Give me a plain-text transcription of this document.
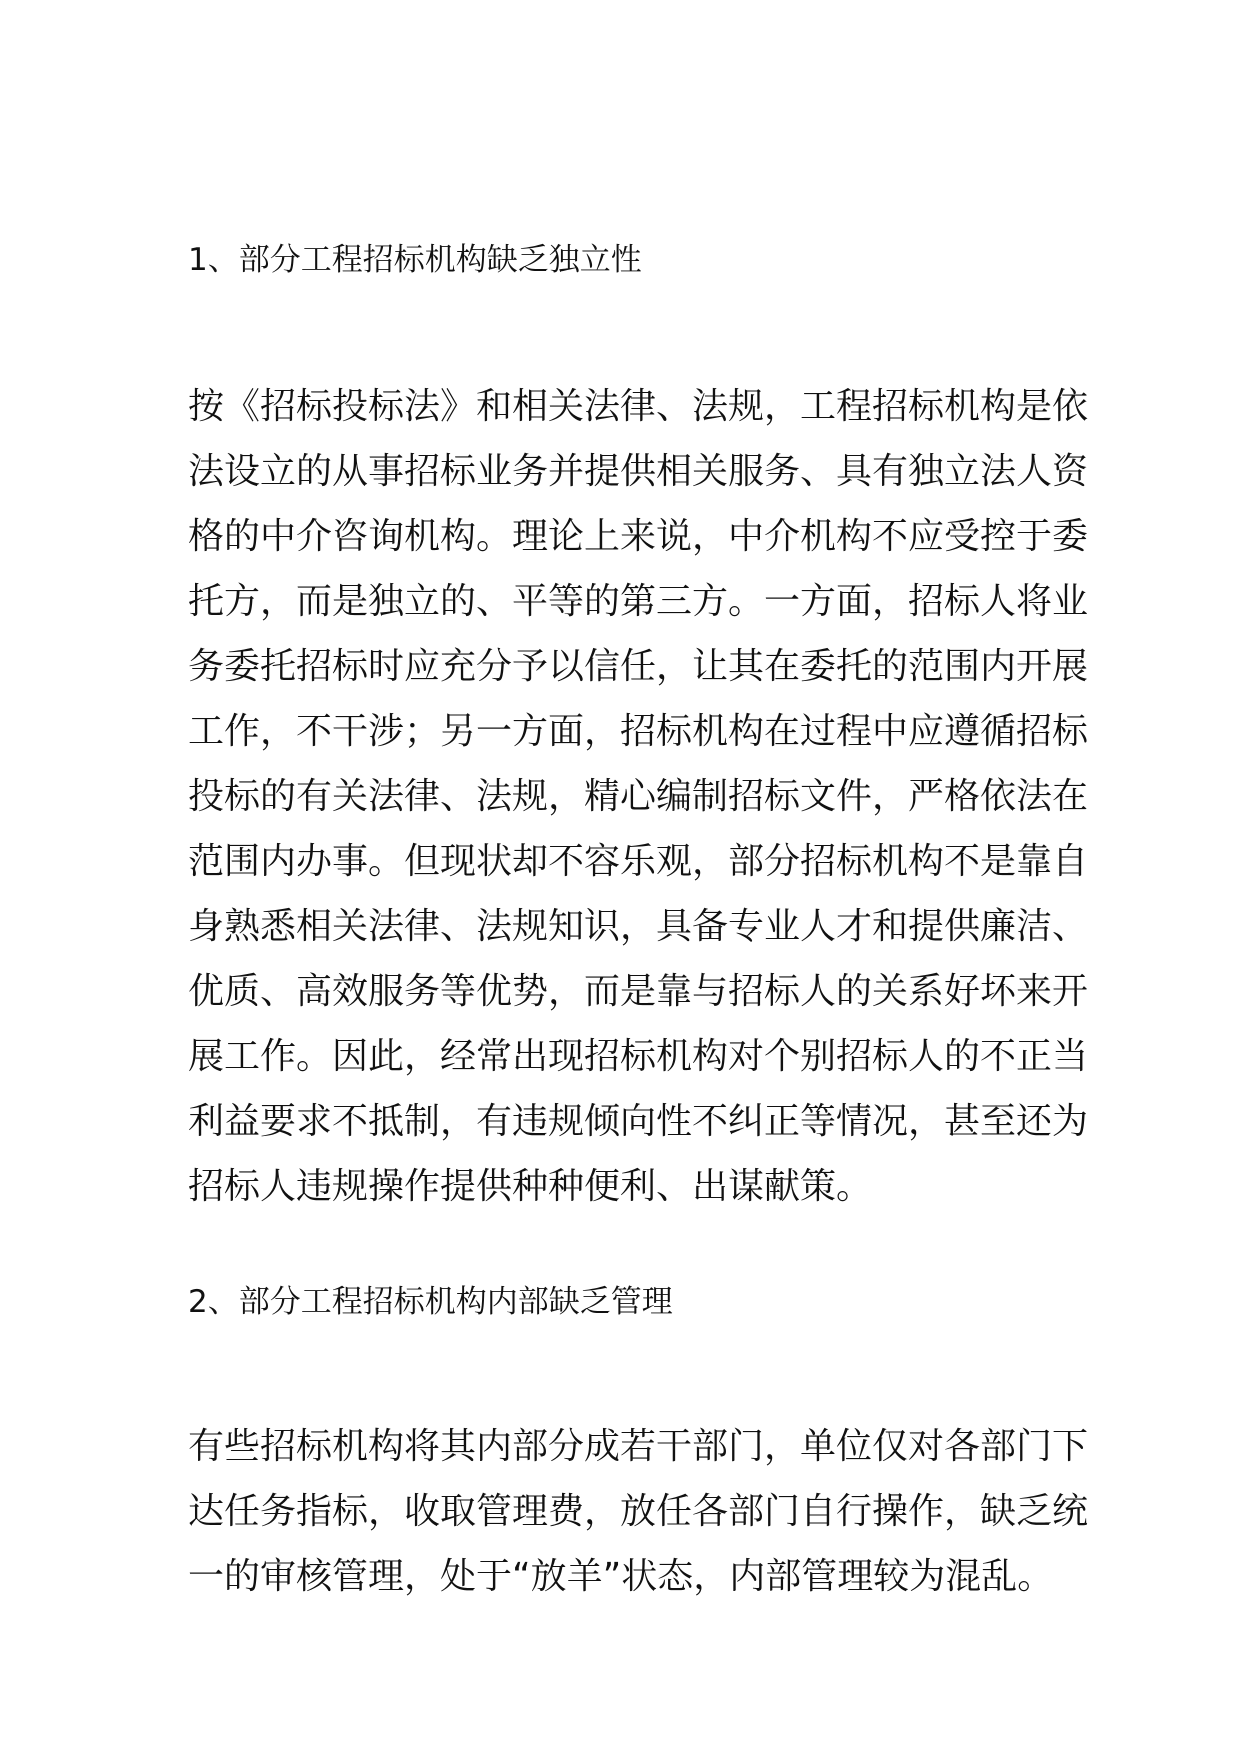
1、部分工程招标机构缺乏独立性
按《招标投标法》和相关法律、法规，工程招标机构是依
法设立的从事招标业务并提供相关服务、具有独立法人资
格的中介咨询机构。理论上来说，中介机构不应受控于委
托方，而是独立的、平等的第三方。一方面，招标人将业
务委托招标时应充分予以信任，让其在委托的范围内开展
工作，不干涉；另一方面，招标机构在过程中应遵循招标
投标的有关法律、法规，精心编制招标文件，严格依法在
范围内办事。但现状却不容乐观，部分招标机构不是靠自
身熟悉相关法律、法规知识，具备专业人才和提供廉洁、
优质、高效服务等优势，而是靠与招标人的关系好坏来开
展工作。因此，经常出现招标机构对个别招标人的不正当
利益要求不抵制，有违规倾向性不纠正等情况，甚至还为
招标人违规操作提供种种便利、出谋献策。
2、部分工程招标机构内部缺乏管理
有些招标机构将其内部分成若干部门，单位仅对各部门下
达任务指标，收取管理费，放任各部门自行操作，缺乏统
一的审核管理，处于“放羊”状态，内部管理较为混乱。
